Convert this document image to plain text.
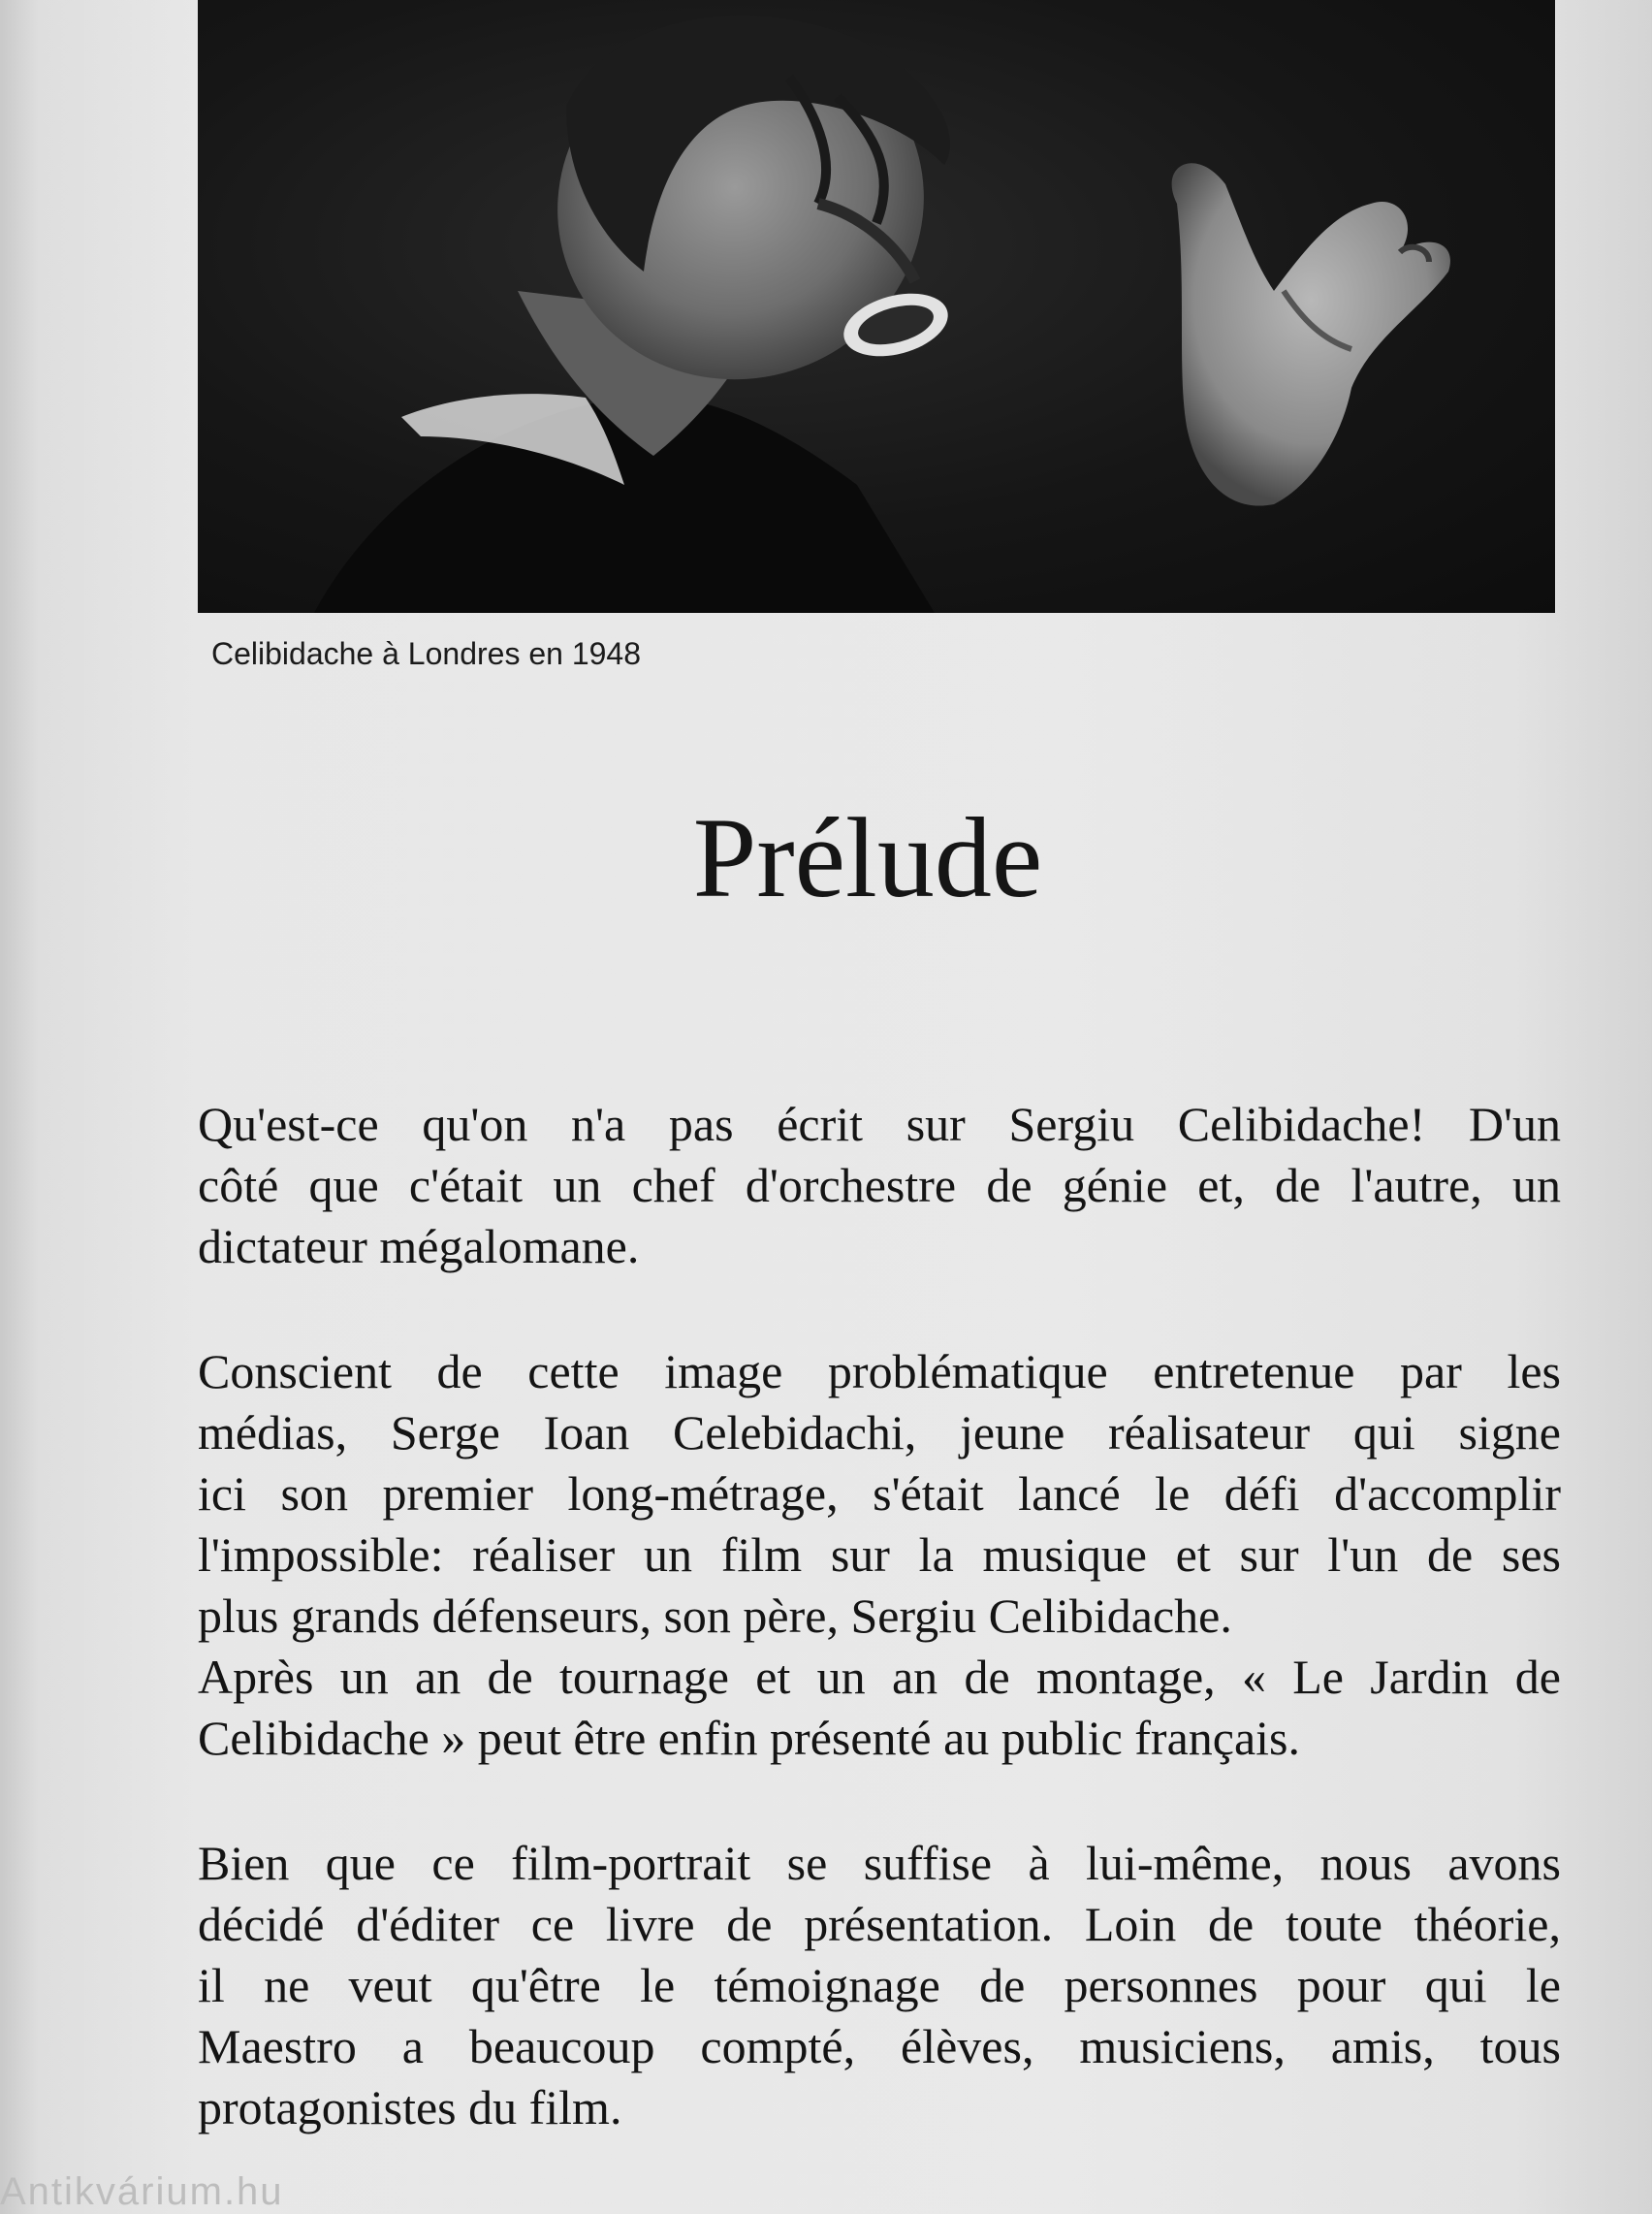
Celibidache à Londres en 1948
Prélude

Qu'est-ce qu'on n'a pas écrit sur Sergiu Celibidache! D'un
côté que c'était un chef d'orchestre de génie et, de l'autre, un
dictateur mégalomane.

Conscient de cette image problématique entretenue par les
médias, Serge Ioan Celebidachi, jeune réalisateur qui signe
ici son premier long-métrage, s'était lancé le défi d'accomplir
l'impossible: réaliser un film sur la musique et sur l'un de ses
plus grands défenseurs, son père, Sergiu Celibidache.
Après un an de tournage et un an de montage, « Le Jardin de
Celibidache » peut être enfin présenté au public français.

Bien que ce film-portrait se suffise à lui-même, nous avons
décidé d'éditer ce livre de présentation. Loin de toute théorie,
il ne veut qu'être le témoignage de personnes pour qui le
Maestro a beaucoup compté, élèves, musiciens, amis, tous
protagonistes du film.

Antikvárium.hu
